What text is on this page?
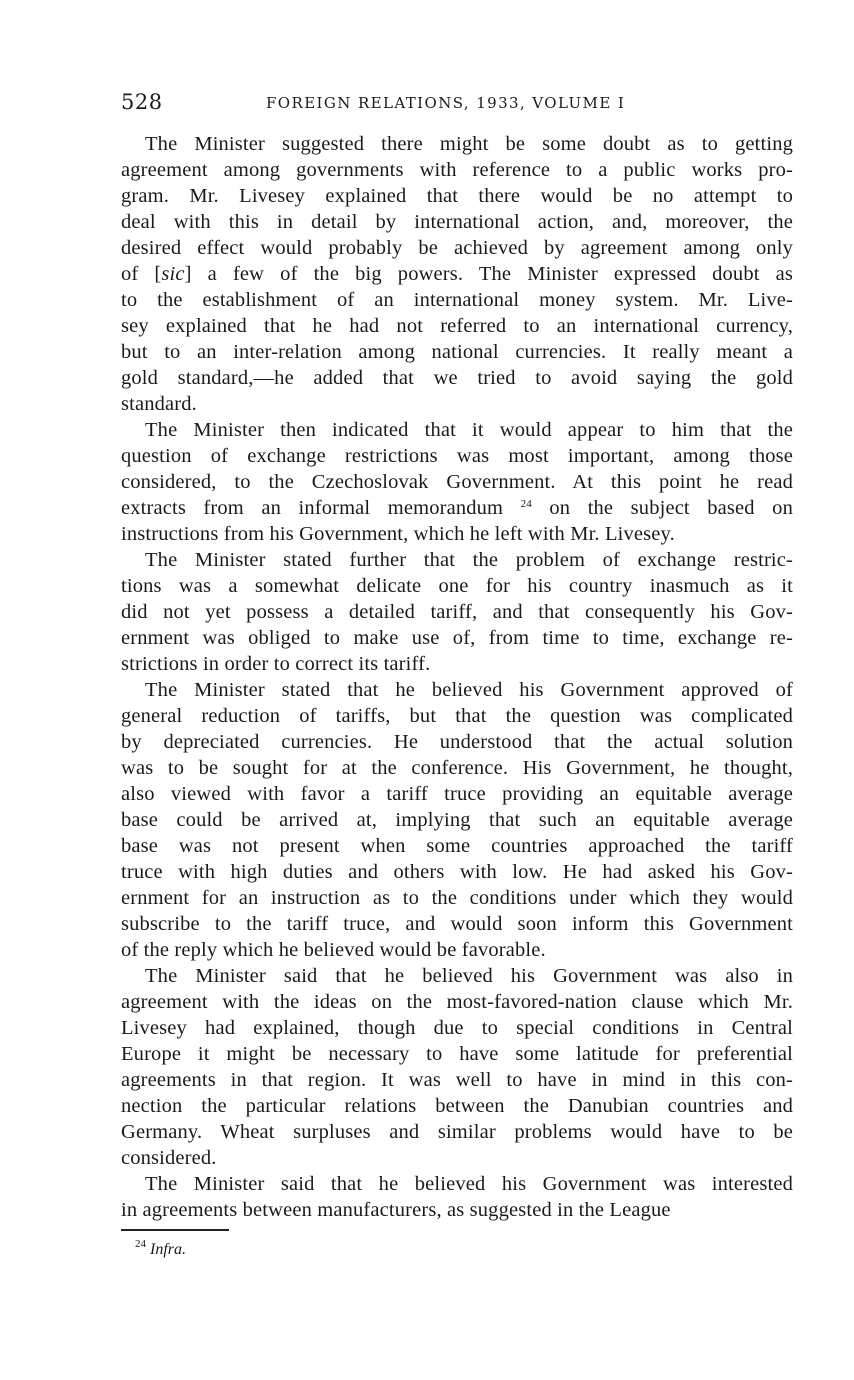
528	FOREIGN RELATIONS, 1933, VOLUME I
The Minister suggested there might be some doubt as to getting
agreement among governments with reference to a public works pro-
gram. Mr. Livesey explained that there would be no attempt to
deal with this in detail by international action, and, moreover, the
desired effect would probably be achieved by agreement among only
of [sic] a few of the big powers. The Minister expressed doubt as
to the establishment of an international money system. Mr. Live-
sey explained that he had not referred to an international currency,
but to an inter-relation among national currencies. It really meant a
gold standard,—he added that we tried to avoid saying the gold
standard.
The Minister then indicated that it would appear to him that the
question of exchange restrictions was most important, among those
considered, to the Czechoslovak Government. At this point he read
extracts from an informal memorandum $^{24}$ on the subject based on
instructions from his Government, which he left with Mr. Livesey.
The Minister stated further that the problem of exchange restric-
tions was a somewhat delicate one for his country inasmuch as it
did not yet possess a detailed tariff, and that consequently his Gov-
ernment was obliged to make use of, from time to time, exchange re-
strictions in order to correct its tariff.
The Minister stated that he believed his Government approved of
general reduction of tariffs, but that the question was complicated
by depreciated currencies. He understood that the actual solution
was to be sought for at the conference. His Government, he thought,
also viewed with favor a tariff truce providing an equitable average
base could be arrived at, implying that such an equitable average
base was not present when some countries approached the tariff
truce with high duties and others with low. He had asked his Gov-
ernment for an instruction as to the conditions under which they would
subscribe to the tariff truce, and would soon inform this Government
of the reply which he believed would be favorable.
The Minister said that he believed his Government was also in
agreement with the ideas on the most-favored-nation clause which Mr.
Livesey had explained, though due to special conditions in Central
Europe it might be necessary to have some latitude for preferential
agreements in that region. It was well to have in mind in this con-
nection the particular relations between the Danubian countries and
Germany. Wheat surpluses and similar problems would have to be
considered.
The Minister said that he believed his Government was interested
in agreements between manufacturers, as suggested in the League
$^{24}$ Infra.
